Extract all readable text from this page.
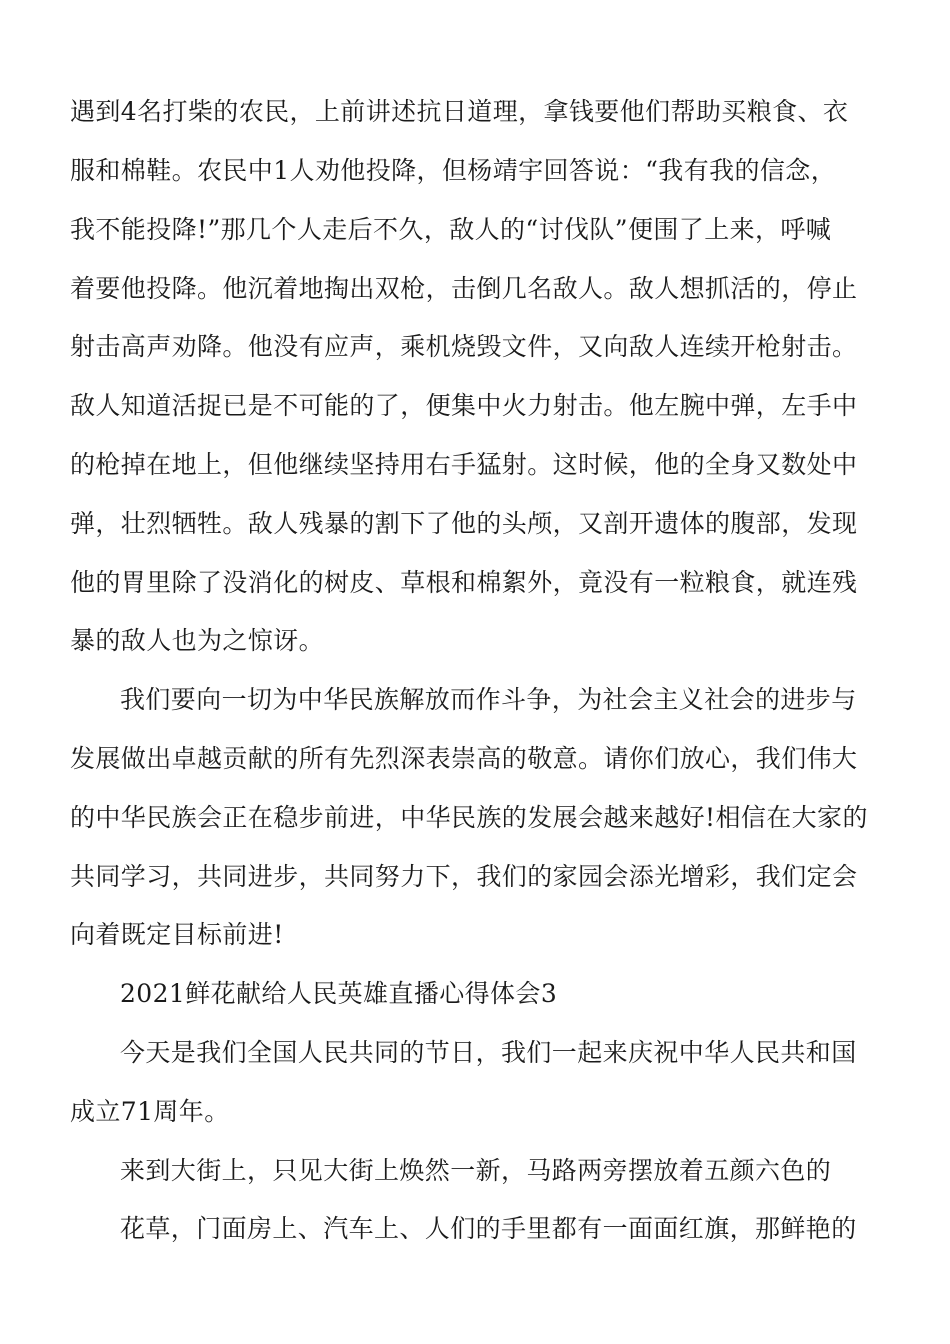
遇到4名打柴的农民，上前讲述抗日道理，拿钱要他们帮助买粮食、衣
服和棉鞋。农民中1人劝他投降，但杨靖宇回答说：“我有我的信念，
我不能投降!”那几个人走后不久，敌人的“讨伐队”便围了上来，呼喊
着要他投降。他沉着地掏出双枪，击倒几名敌人。敌人想抓活的，停止
射击高声劝降。他没有应声，乘机烧毁文件，又向敌人连续开枪射击。
敌人知道活捉已是不可能的了，便集中火力射击。他左腕中弹，左手中
的枪掉在地上，但他继续坚持用右手猛射。这时候，他的全身又数处中
弹，壮烈牺牲。敌人残暴的割下了他的头颅，又剖开遗体的腹部，发现
他的胃里除了没消化的树皮、草根和棉絮外，竟没有一粒粮食，就连残
暴的敌人也为之惊讶。
我们要向一切为中华民族解放而作斗争，为社会主义社会的进步与
发展做出卓越贡献的所有先烈深表崇高的敬意。请你们放心，我们伟大
的中华民族会正在稳步前进，中华民族的发展会越来越好!相信在大家的
共同学习，共同进步，共同努力下，我们的家园会添光增彩，我们定会
向着既定目标前进!
2021鲜花献给人民英雄直播心得体会3
今天是我们全国人民共同的节日，我们一起来庆祝中华人民共和国
成立71周年。
来到大街上，只见大街上焕然一新，马路两旁摆放着五颜六色的
花草，门面房上、汽车上、人们的手里都有一面面红旗，那鲜艳的
